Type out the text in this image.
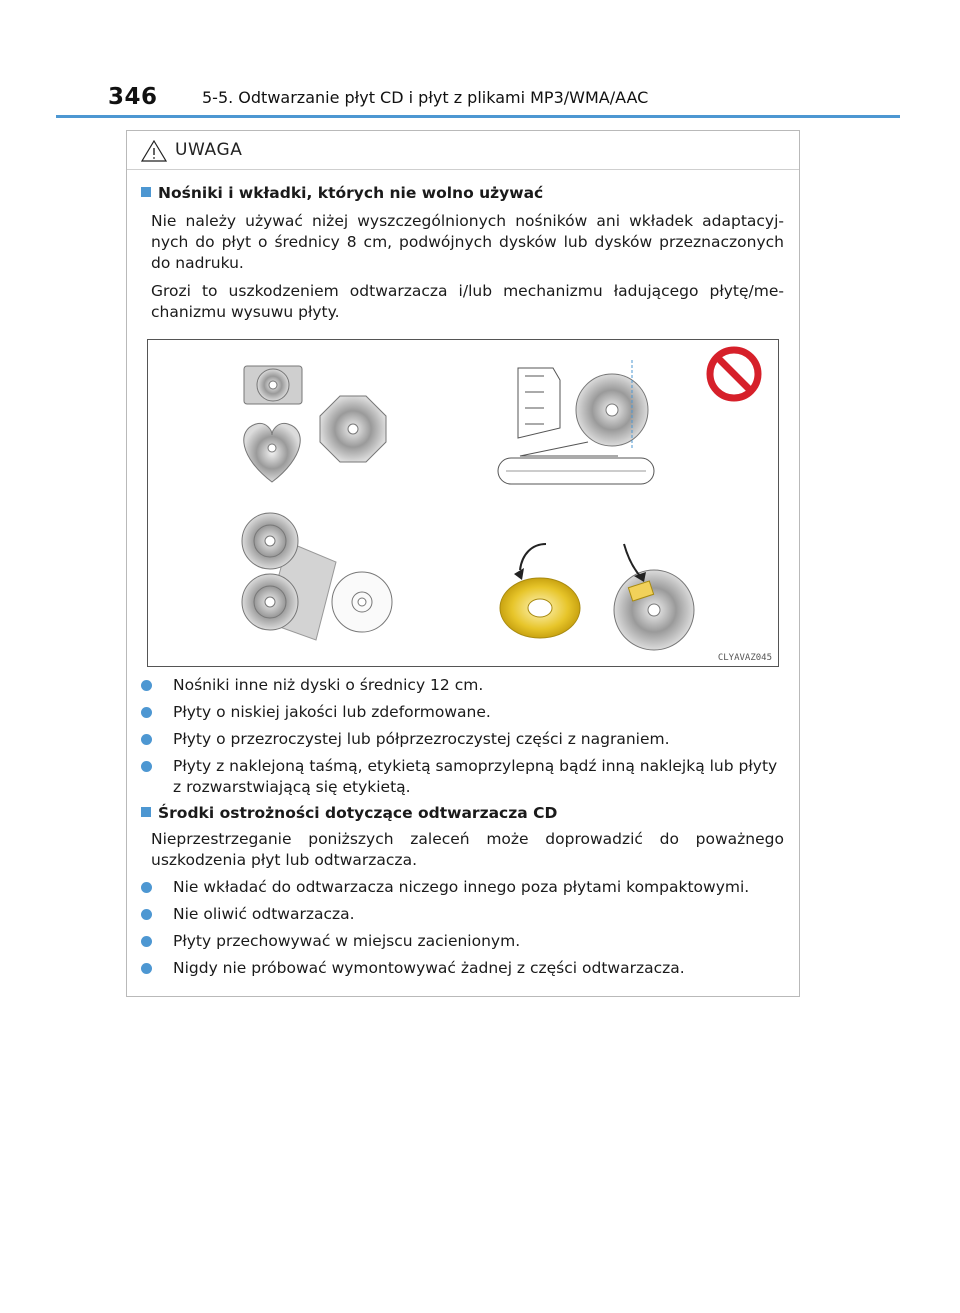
346	5-5. Odtwarzanie płyt CD i płyt z plikami MP3/WMA/AAC
UWAGA
Nośniki i wkładki, których nie wolno używać
Nie należy używać niżej wyszczególnionych nośników ani wkładek adaptacyj-nych do płyt o średnicy 8 cm, podwójnych dysków lub dysków przeznaczonych do nadruku.
Grozi to uszkodzeniem odtwarzacza i/lub mechanizmu ładującego płytę/me-chanizmu wysuwu płyty.
CLYAVAZ045
Nośniki inne niż dyski o średnicy 12 cm.
Płyty o niskiej jakości lub zdeformowane.
Płyty o przezroczystej lub półprzezroczystej części z nagraniem.
Płyty z naklejoną taśmą, etykietą samoprzylepną bądź inną naklejką lub płyty z rozwarstwiającą się etykietą.
Środki ostrożności dotyczące odtwarzacza CD
Nieprzestrzeganie poniższych zaleceń może doprowadzić do poważnego uszkodzenia płyt lub odtwarzacza.
Nie wkładać do odtwarzacza niczego innego poza płytami kompaktowymi.
Nie oliwić odtwarzacza.
Płyty przechowywać w miejscu zacienionym.
Nigdy nie próbować wymontowywać żadnej z części odtwarzacza.
